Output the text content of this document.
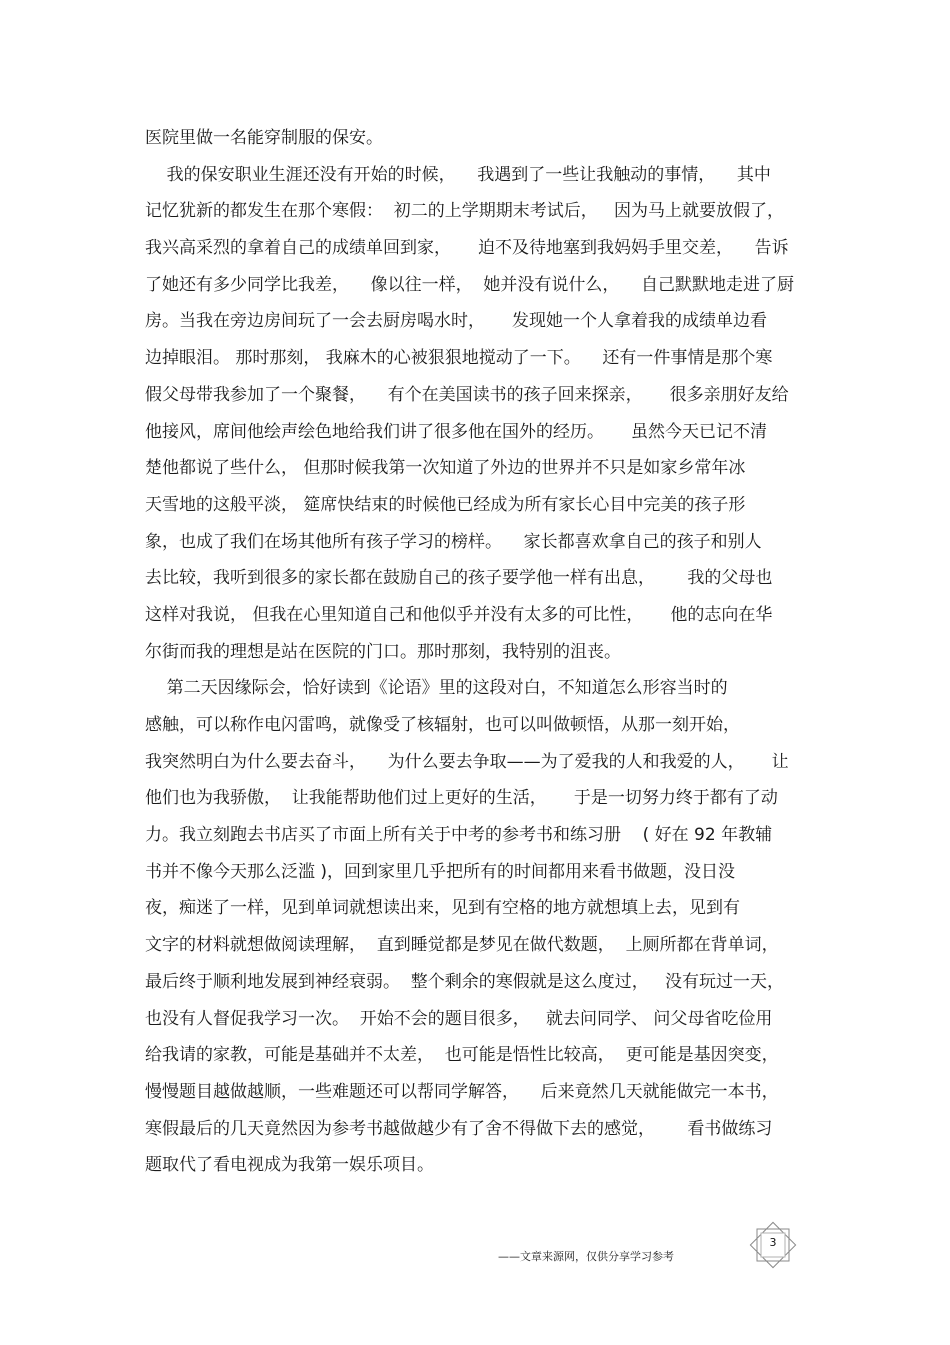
医院里做一名能穿制服的保安。
我的保安职业生涯还没有开始的时候，    我遇到了一些让我触动的事情，    其中
记忆犹新的都发生在那个寒假：  初二的上学期期末考试后，   因为马上就要放假了，
我兴高采烈的拿着自己的成绩单回到家，     迫不及待地塞到我妈妈手里交差，    告诉
了她还有多少同学比我差，    像以往一样，  她并没有说什么，    自己默默地走进了厨
房。当我在旁边房间玩了一会去厨房喝水时，     发现她一个人拿着我的成绩单边看
边掉眼泪。 那时那刻， 我麻木的心被狠狠地搅动了一下。    还有一件事情是那个寒
假父母带我参加了一个聚餐，    有个在美国读书的孩子回来探亲，     很多亲朋好友给
他接风，席间他绘声绘色地给我们讲了很多他在国外的经历。     虽然今天已记不清
楚他都说了些什么， 但那时候我第一次知道了外边的世界并不只是如家乡常年冰
天雪地的这般平淡， 筵席快结束的时候他已经成为所有家长心目中完美的孩子形
象，也成了我们在场其他所有孩子学习的榜样。    家长都喜欢拿自己的孩子和别人
去比较，我听到很多的家长都在鼓励自己的孩子要学他一样有出息，      我的父母也
这样对我说， 但我在心里知道自己和他似乎并没有太多的可比性，     他的志向在华
尔街而我的理想是站在医院的门口。那时那刻，我特别的沮丧。
第二天因缘际会，恰好读到《论语》里的这段对白，不知道怎么形容当时的
感触，可以称作电闪雷鸣，就像受了核辐射，也可以叫做顿悟，从那一刻开始，
我突然明白为什么要去奋斗，    为什么要去争取——为了爱我的人和我爱的人，     让
他们也为我骄傲，  让我能帮助他们过上更好的生活，     于是一切努力终于都有了动
力。我立刻跑去书店买了市面上所有关于中考的参考书和练习册    ( 好在 92 年教辅
书并不像今天那么泛滥 )，回到家里几乎把所有的时间都用来看书做题，没日没
夜，痴迷了一样，见到单词就想读出来，见到有空格的地方就想填上去，见到有
文字的材料就想做阅读理解，  直到睡觉都是梦见在做代数题，  上厕所都在背单词，
最后终于顺利地发展到神经衰弱。  整个剩余的寒假就是这么度过，   没有玩过一天，
也没有人督促我学习一次。  开始不会的题目很多，   就去问同学、 问父母省吃俭用
给我请的家教，可能是基础并不太差，  也可能是悟性比较高，  更可能是基因突变，
慢慢题目越做越顺，一些难题还可以帮同学解答，    后来竟然几天就能做完一本书，
寒假最后的几天竟然因为参考书越做越少有了舍不得做下去的感觉，      看书做练习
题取代了看电视成为我第一娱乐项目。
——文章来源网，仅供分享学习参考
3
